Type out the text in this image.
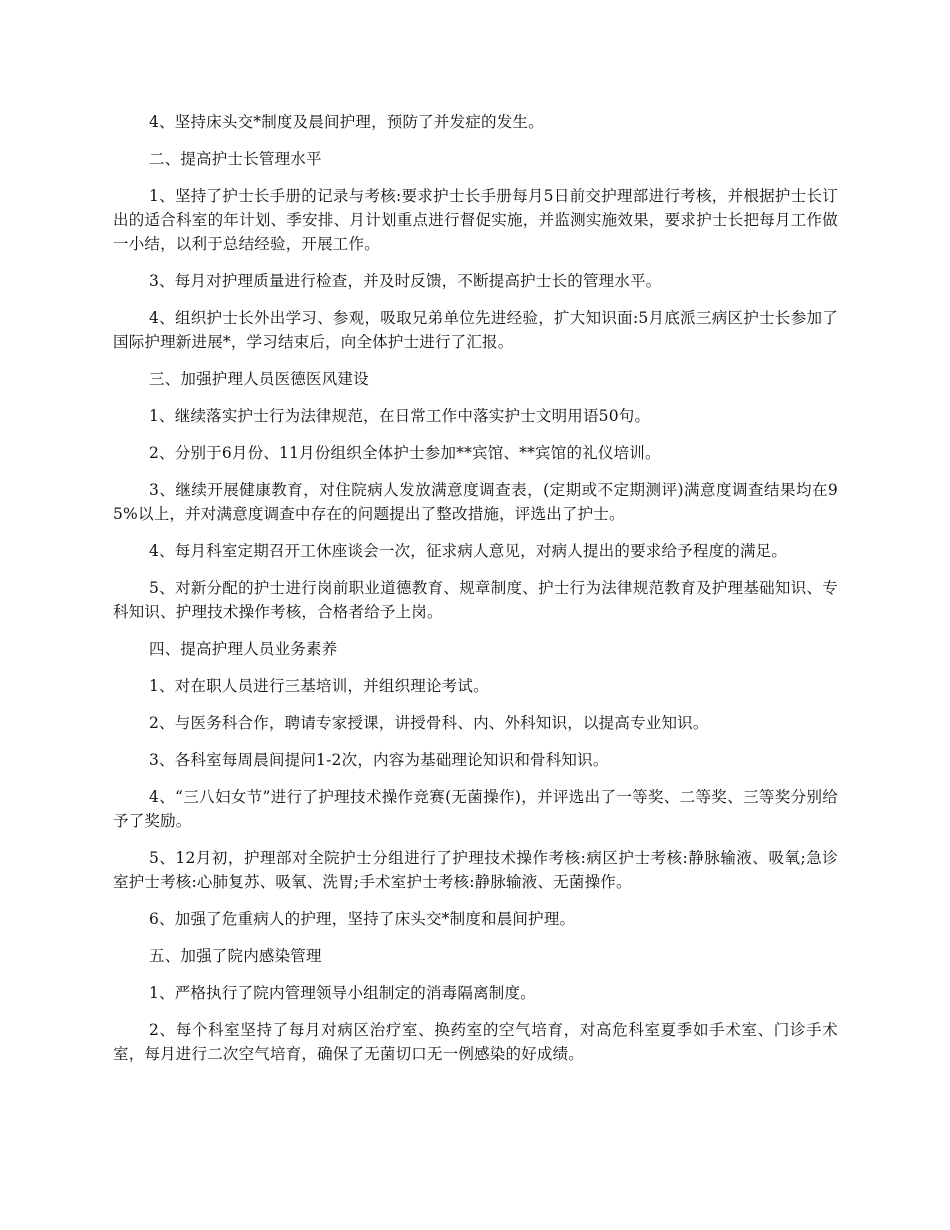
4、坚持床头交*制度及晨间护理，预防了并发症的发生。

二、提高护士长管理水平

1、坚持了护士长手册的记录与考核:要求护士长手册每月5日前交护理部进行考核，并根据护士长订出的适合科室的年计划、季安排、月计划重点进行督促实施，并监测实施效果，要求护士长把每月工作做一小结，以利于总结经验，开展工作。

3、每月对护理质量进行检查，并及时反馈，不断提高护士长的管理水平。

4、组织护士长外出学习、参观，吸取兄弟单位先进经验，扩大知识面:5月底派三病区护士长参加了国际护理新进展*，学习结束后，向全体护士进行了汇报。

三、加强护理人员医德医风建设

1、继续落实护士行为法律规范，在日常工作中落实护士文明用语50句。

2、分别于6月份、11月份组织全体护士参加**宾馆、**宾馆的礼仪培训。

3、继续开展健康教育，对住院病人发放满意度调查表，(定期或不定期测评)满意度调查结果均在95%以上，并对满意度调查中存在的问题提出了整改措施，评选出了护士。

4、每月科室定期召开工休座谈会一次，征求病人意见，对病人提出的要求给予程度的满足。

5、对新分配的护士进行岗前职业道德教育、规章制度、护士行为法律规范教育及护理基础知识、专科知识、护理技术操作考核，合格者给予上岗。

四、提高护理人员业务素养

1、对在职人员进行三基培训，并组织理论考试。

2、与医务科合作，聘请专家授课，讲授骨科、内、外科知识，以提高专业知识。

3、各科室每周晨间提问1-2次，内容为基础理论知识和骨科知识。

4、“三八妇女节”进行了护理技术操作竞赛(无菌操作)，并评选出了一等奖、二等奖、三等奖分别给予了奖励。

5、12月初，护理部对全院护士分组进行了护理技术操作考核:病区护士考核:静脉输液、吸氧;急诊室护士考核:心肺复苏、吸氧、洗胃;手术室护士考核:静脉输液、无菌操作。

6、加强了危重病人的护理，坚持了床头交*制度和晨间护理。

五、加强了院内感染管理

1、严格执行了院内管理领导小组制定的消毒隔离制度。

2、每个科室坚持了每月对病区治疗室、换药室的空气培育，对高危科室夏季如手术室、门诊手术室，每月进行二次空气培育，确保了无菌切口无一例感染的好成绩。
